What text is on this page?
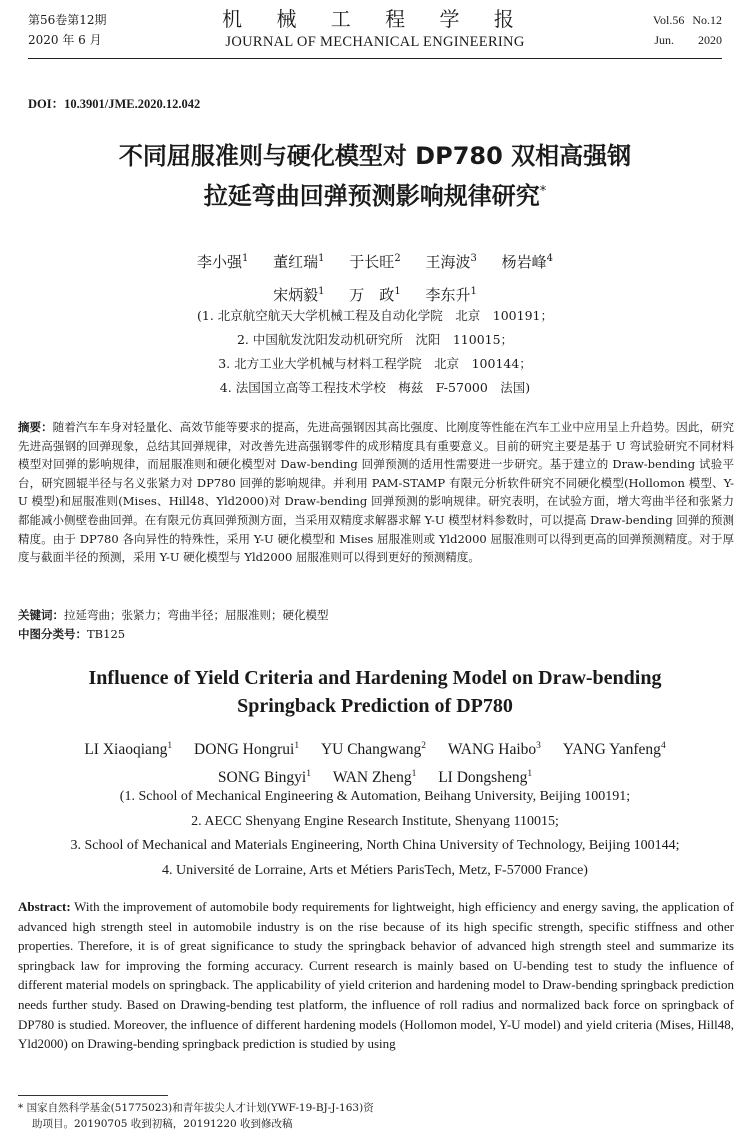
第56卷第12期
2020 年 6 月
机 械 工 程 学 报
JOURNAL OF MECHANICAL ENGINEERING
Vol.56 No.12
Jun. 2020
DOI：10.3901/JME.2020.12.042
不同屈服准则与硬化模型对 DP780 双相高强钢
拉延弯曲回弹预测影响规律研究*
李小强$^1$ 董红瑞$^1$ 于长旺$^2$ 王海波$^3$ 杨岩峰$^4$
宋炳毅$^1$ 万　政$^1$ 李东升$^1$
(1. 北京航空航天大学机械工程及自动化学院　北京　100191；
2. 中国航发沈阳发动机研究所　沈阳　110015；
3. 北方工业大学机械与材料工程学院　北京　100144；
4. 法国国立高等工程技术学校　梅兹　F-57000　法国)
摘要：随着汽车车身对轻量化、高效节能等要求的提高，先进高强钢因其高比强度、比刚度等性能在汽车工业中应用呈上升趋势。因此，研究先进高强钢的回弹现象，总结其回弹规律，对改善先进高强钢零件的成形精度具有重要意义。目前的研究主要是基于 U 弯试验研究不同材料模型对回弹的影响规律，而屈服准则和硬化模型对 Daw-bending 回弹预测的适用性需要进一步研究。基于建立的 Draw-bending 试验平台，研究圆辊半径与名义张紧力对 DP780 回弹的影响规律。并利用 PAM-STAMP 有限元分析软件研究不同硬化模型(Hollomon 模型、Y-U 模型)和屈服准则(Mises、Hill48、Yld2000)对 Draw-bending 回弹预测的影响规律。研究表明，在试验方面，增大弯曲半径和张紧力都能减小侧壁卷曲回弹。在有限元仿真回弹预测方面，当采用双精度求解器求解 Y-U 模型材料参数时，可以提高 Draw-bending 回弹的预测精度。由于 DP780 各向异性的特殊性，采用 Y-U 硬化模型和 Mises 屈服准则或 Yld2000 屈服准则可以得到更高的回弹预测精度。对于厚度与截面半径的预测，采用 Y-U 硬化模型与 Yld2000 屈服准则可以得到更好的预测精度。
关键词：拉延弯曲；张紧力；弯曲半径；屈服准则；硬化模型
中图分类号：TB125
Influence of Yield Criteria and Hardening Model on Draw-bending
Springback Prediction of DP780
LI Xiaoqiang$^1$ DONG Hongrui$^1$ YU Changwang$^2$ WANG Haibo$^3$ YANG Yanfeng$^4$
SONG Bingyi$^1$ WAN Zheng$^1$ LI Dongsheng$^1$
(1. School of Mechanical Engineering & Automation, Beihang University, Beijing 100191;
2. AECC Shenyang Engine Research Institute, Shenyang 110015;
3. School of Mechanical and Materials Engineering, North China University of Technology, Beijing 100144;
4. Université de Lorraine, Arts et Métiers ParisTech, Metz, F-57000 France)
Abstract: With the improvement of automobile body requirements for lightweight, high efficiency and energy saving, the application of advanced high strength steel in automobile industry is on the rise because of its high specific strength, specific stiffness and other properties. Therefore, it is of great significance to study the springback behavior of advanced high strength steel and summarize its springback law for improving the forming accuracy. Current research is mainly based on U-bending test to study the influence of different material models on springback. The applicability of yield criterion and hardening model to Draw-bending springback prediction needs further study. Based on Drawing-bending test platform, the influence of roll radius and normalized back force on springback of DP780 is studied. Moreover, the influence of different hardening models (Hollomon model, Y-U model) and yield criteria (Mises, Hill48, Yld2000) on Drawing-bending springback prediction is studied by using
* 国家自然科学基金(51775023)和青年拔尖人才计划(YWF-19-BJ-J-163)资
助项目。20190705 收到初稿，20191220 收到修改稿
